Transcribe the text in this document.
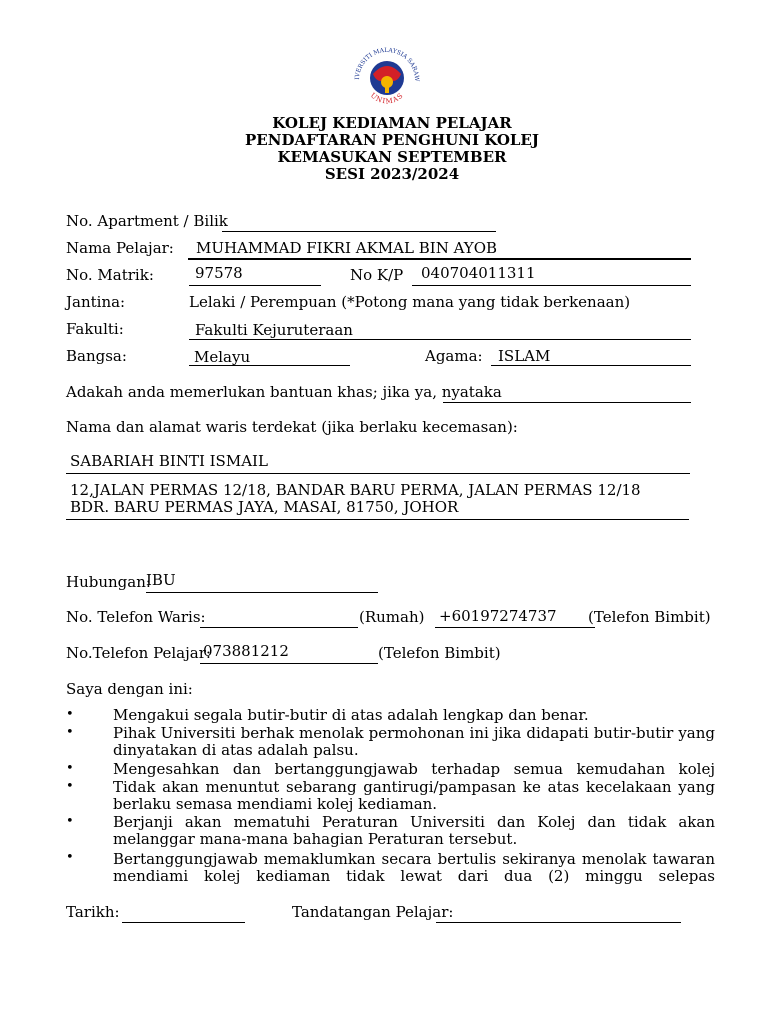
IVERSITI MALAYSIA SARAW
UNIMAS
KOLEJ KEDIAMAN PELAJAR
PENDAFTARAN PENGHUNI KOLEJ
KEMASUKAN SEPTEMBER
SESI 2023/2024
No. Apartment / Bilik
Nama Pelajar: MUHAMMAD FIKRI AKMAL BIN AYOB
No. Matrik:	97578	No K/P 040704011311
Jantina:	Lelaki / Perempuan (*Potong mana yang tidak berkenaan)
Fakulti:	Fakulti Kejuruteraan
Bangsa:	Melayu	Agama: ISLAM
Adakah anda memerlukan bantuan khas; jika ya, nyataka
Nama dan alamat waris terdekat (jika berlaku kecemasan):
SABARIAH BINTI ISMAIL
12,JALAN PERMAS 12/18, BANDAR BARU PERMA, JALAN PERMAS 12/18
BDR. BARU PERMAS JAYA, MASAI, 81750, JOHOR
Hubungan:
IBU
No. Telefon Waris:	(Rumah) +60197274737 (Telefon Bimbit)
No.Telefon Pelajar:
073881212	(Telefon Bimbit)
Saya dengan ini:
•	Mengakui segala butir-butir di atas adalah lengkap dan benar.
•	Pihak Universiti berhak menolak permohonan ini jika didapati butir-butir yang dinyatakan di atas adalah palsu.
•	Mengesahkan dan bertanggungjawab terhadap semua kemudahan kolej
•	Tidak akan menuntut sebarang gantirugi/pampasan ke atas kecelakaan yang berlaku semasa mendiami kolej kediaman.
•	Berjanji akan mematuhi Peraturan Universiti dan Kolej dan tidak akan melanggar mana-mana bahagian Peraturan tersebut.
•	Bertanggungjawab memaklumkan secara bertulis sekiranya menolak tawaran mendiami kolej kediaman tidak lewat dari dua (2) minggu selepas
Tarikh:	Tandatangan Pelajar:
